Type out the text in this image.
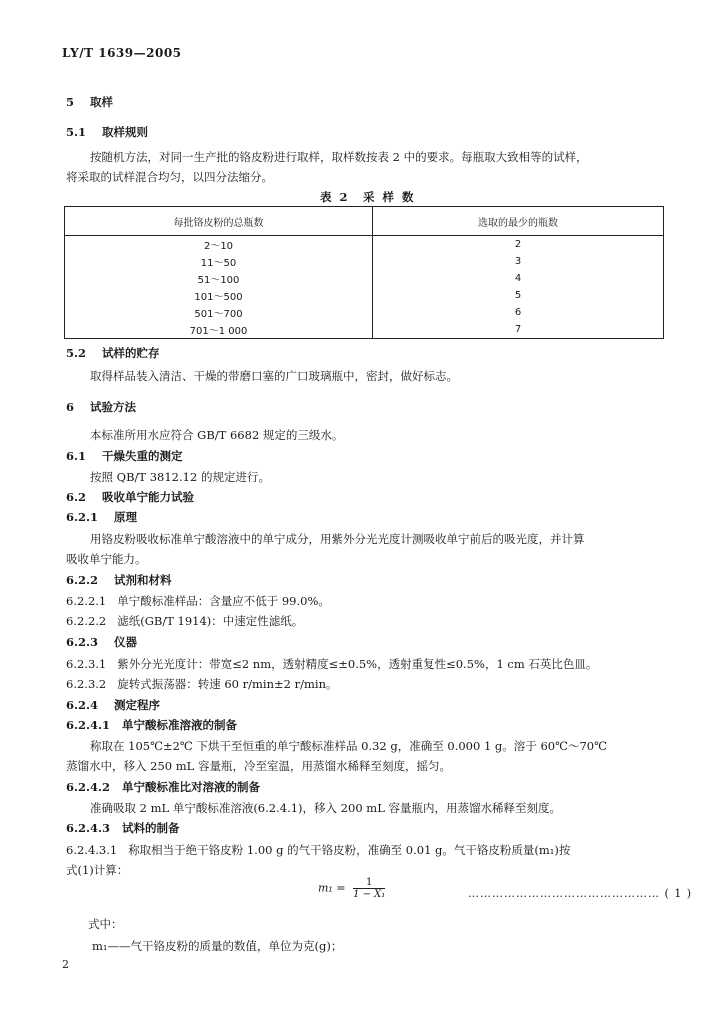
LY/T 1639—2005
5 取样
5.1 取样规则
按随机方法，对同一生产批的铬皮粉进行取样，取样数按表 2 中的要求。每瓶取大致相等的试样，
将采取的试样混合均匀，以四分法缩分。
表 2　采 样 数
每批铬皮粉的总瓶数	选取的最少的瓶数
2～10	2
11～50	3
51～100	4
101～500	5
501～700	6
701～1 000	7
5.2 试样的贮存
取得样品装入清洁、干燥的带磨口塞的广口玻璃瓶中，密封，做好标志。
6 试验方法
本标准所用水应符合 GB/T 6682 规定的三级水。
6.1 干燥失重的测定
按照 QB/T 3812.12 的规定进行。
6.2 吸收单宁能力试验
6.2.1 原理
用铬皮粉吸收标准单宁酸溶液中的单宁成分，用紫外分光光度计测吸收单宁前后的吸光度，并计算
吸收单宁能力。
6.2.2 试剂和材料
6.2.2.1 单宁酸标准样品：含量应不低于 99.0%。
6.2.2.2 滤纸(GB/T 1914)：中速定性滤纸。
6.2.3 仪器
6.2.3.1 紫外分光光度计：带宽≤2 nm，透射精度≤±0.5%，透射重复性≤0.5%，1 cm 石英比色皿。
6.2.3.2 旋转式振荡器：转速 60 r/min±2 r/min。
6.2.4 测定程序
6.2.4.1 单宁酸标准溶液的制备
称取在 105℃±2℃ 下烘干至恒重的单宁酸标准样品 0.32 g，准确至 0.000 1 g。溶于 60℃～70℃
蒸馏水中，移入 250 mL 容量瓶，冷至室温，用蒸馏水稀释至刻度，摇匀。
6.2.4.2 单宁酸标准比对溶液的制备
准确吸取 2 mL 单宁酸标准溶液(6.2.4.1)，移入 200 mL 容量瓶内，用蒸馏水稀释至刻度。
6.2.4.3 试料的制备
6.2.4.3.1 称取相当于绝干铬皮粉 1.00 g 的气干铬皮粉，准确至 0.01 g。气干铬皮粉质量(m₁)按
式(1)计算：
$m_1 = \frac{1}{\text{1 − X₁}}$	………………………………………… ( 1 )
式中：
m₁——气干铬皮粉的质量的数值，单位为克(g)；
2
